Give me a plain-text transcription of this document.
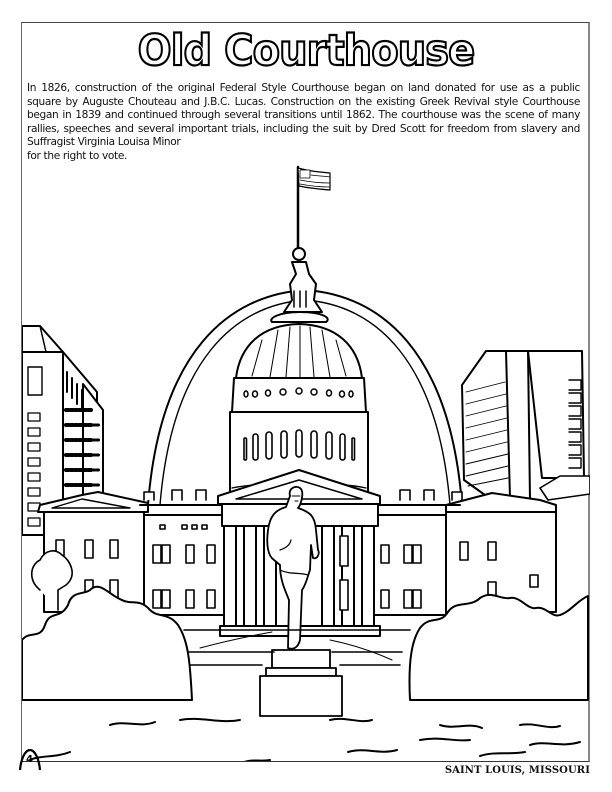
Old Courthouse

In 1826, construction of the original Federal Style Courthouse began on land donated for use as a public square by Auguste Chouteau and J.B.C. Lucas. Construction on the existing Greek Revival style Courthouse began in 1839 and continued through several transitions until 1862. The courthouse was the scene of many rallies, speeches and several important trials, including the suit by Dred Scott for freedom from slavery and Suffragist Virginia Louisa Minor

for the right to vote.

4
SAINT LOUIS, MISSOURI
